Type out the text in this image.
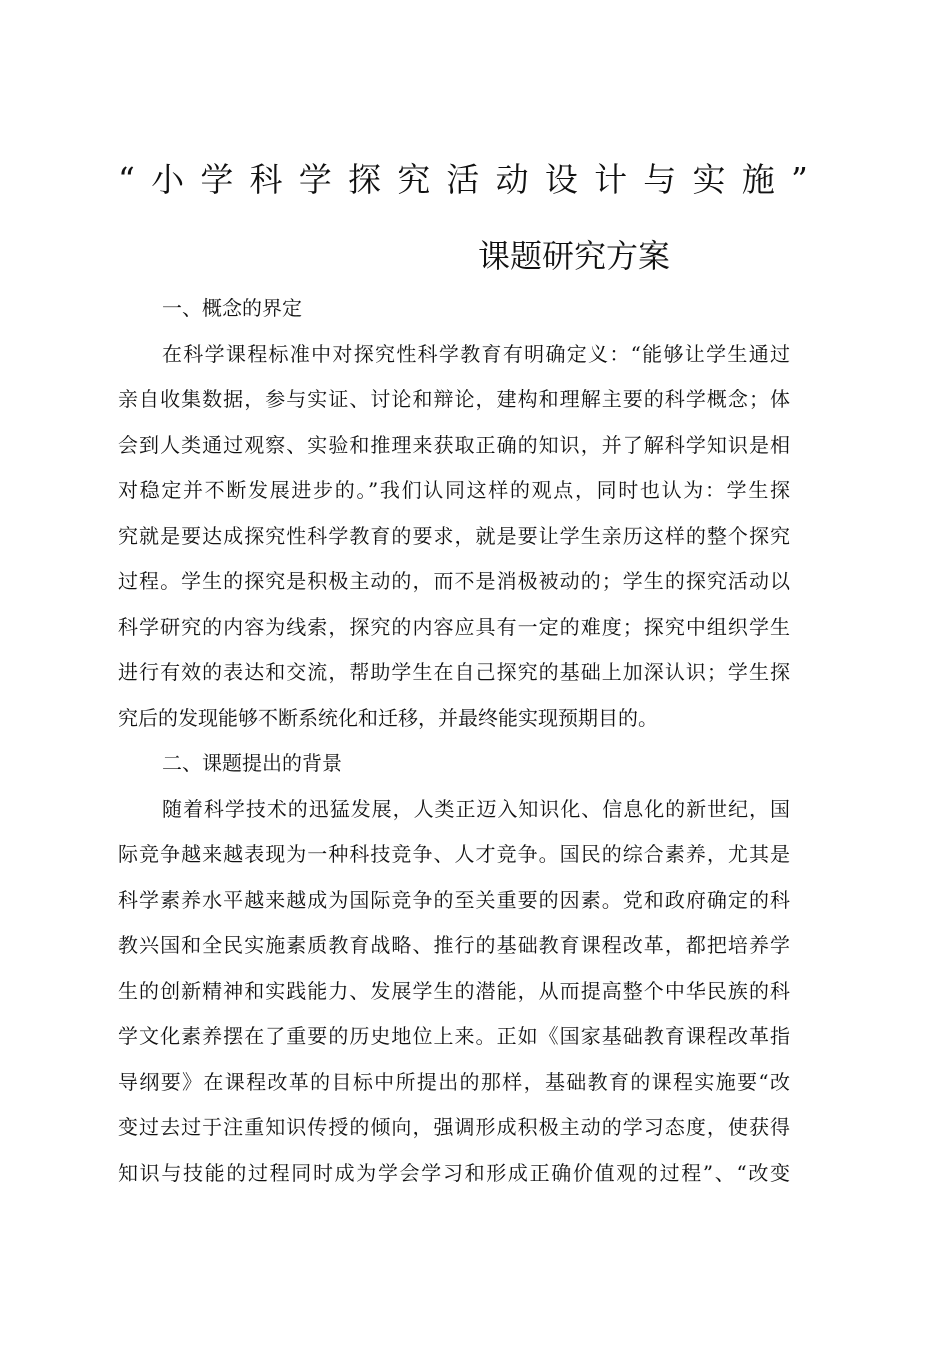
“ 小 学 科 学 探 究 活 动 设 计 与 实 施 ”
课题研究方案
一、概念的界定
在科学课程标准中对探究性科学教育有明确定义：“能够让学生通过
亲自收集数据，参与实证、讨论和辩论，建构和理解主要的科学概念；体
会到人类通过观察、实验和推理来获取正确的知识，并了解科学知识是相
对稳定并不断发展进步的。”我们认同这样的观点，同时也认为：学生探
究就是要达成探究性科学教育的要求，就是要让学生亲历这样的整个探究
过程。学生的探究是积极主动的，而不是消极被动的；学生的探究活动以
科学研究的内容为线索，探究的内容应具有一定的难度；探究中组织学生
进行有效的表达和交流，帮助学生在自己探究的基础上加深认识；学生探
究后的发现能够不断系统化和迁移，并最终能实现预期目的。
二、课题提出的背景
随着科学技术的迅猛发展，人类正迈入知识化、信息化的新世纪，国
际竞争越来越表现为一种科技竞争、人才竞争。国民的综合素养，尤其是
科学素养水平越来越成为国际竞争的至关重要的因素。党和政府确定的科
教兴国和全民实施素质教育战略、推行的基础教育课程改革，都把培养学
生的创新精神和实践能力、发展学生的潜能，从而提高整个中华民族的科
学文化素养摆在了重要的历史地位上来。正如《国家基础教育课程改革指
导纲要》在课程改革的目标中所提出的那样，基础教育的课程实施要“改
变过去过于注重知识传授的倾向，强调形成积极主动的学习态度，使获得
知识与技能的过程同时成为学会学习和形成正确价值观的过程”、“改变
